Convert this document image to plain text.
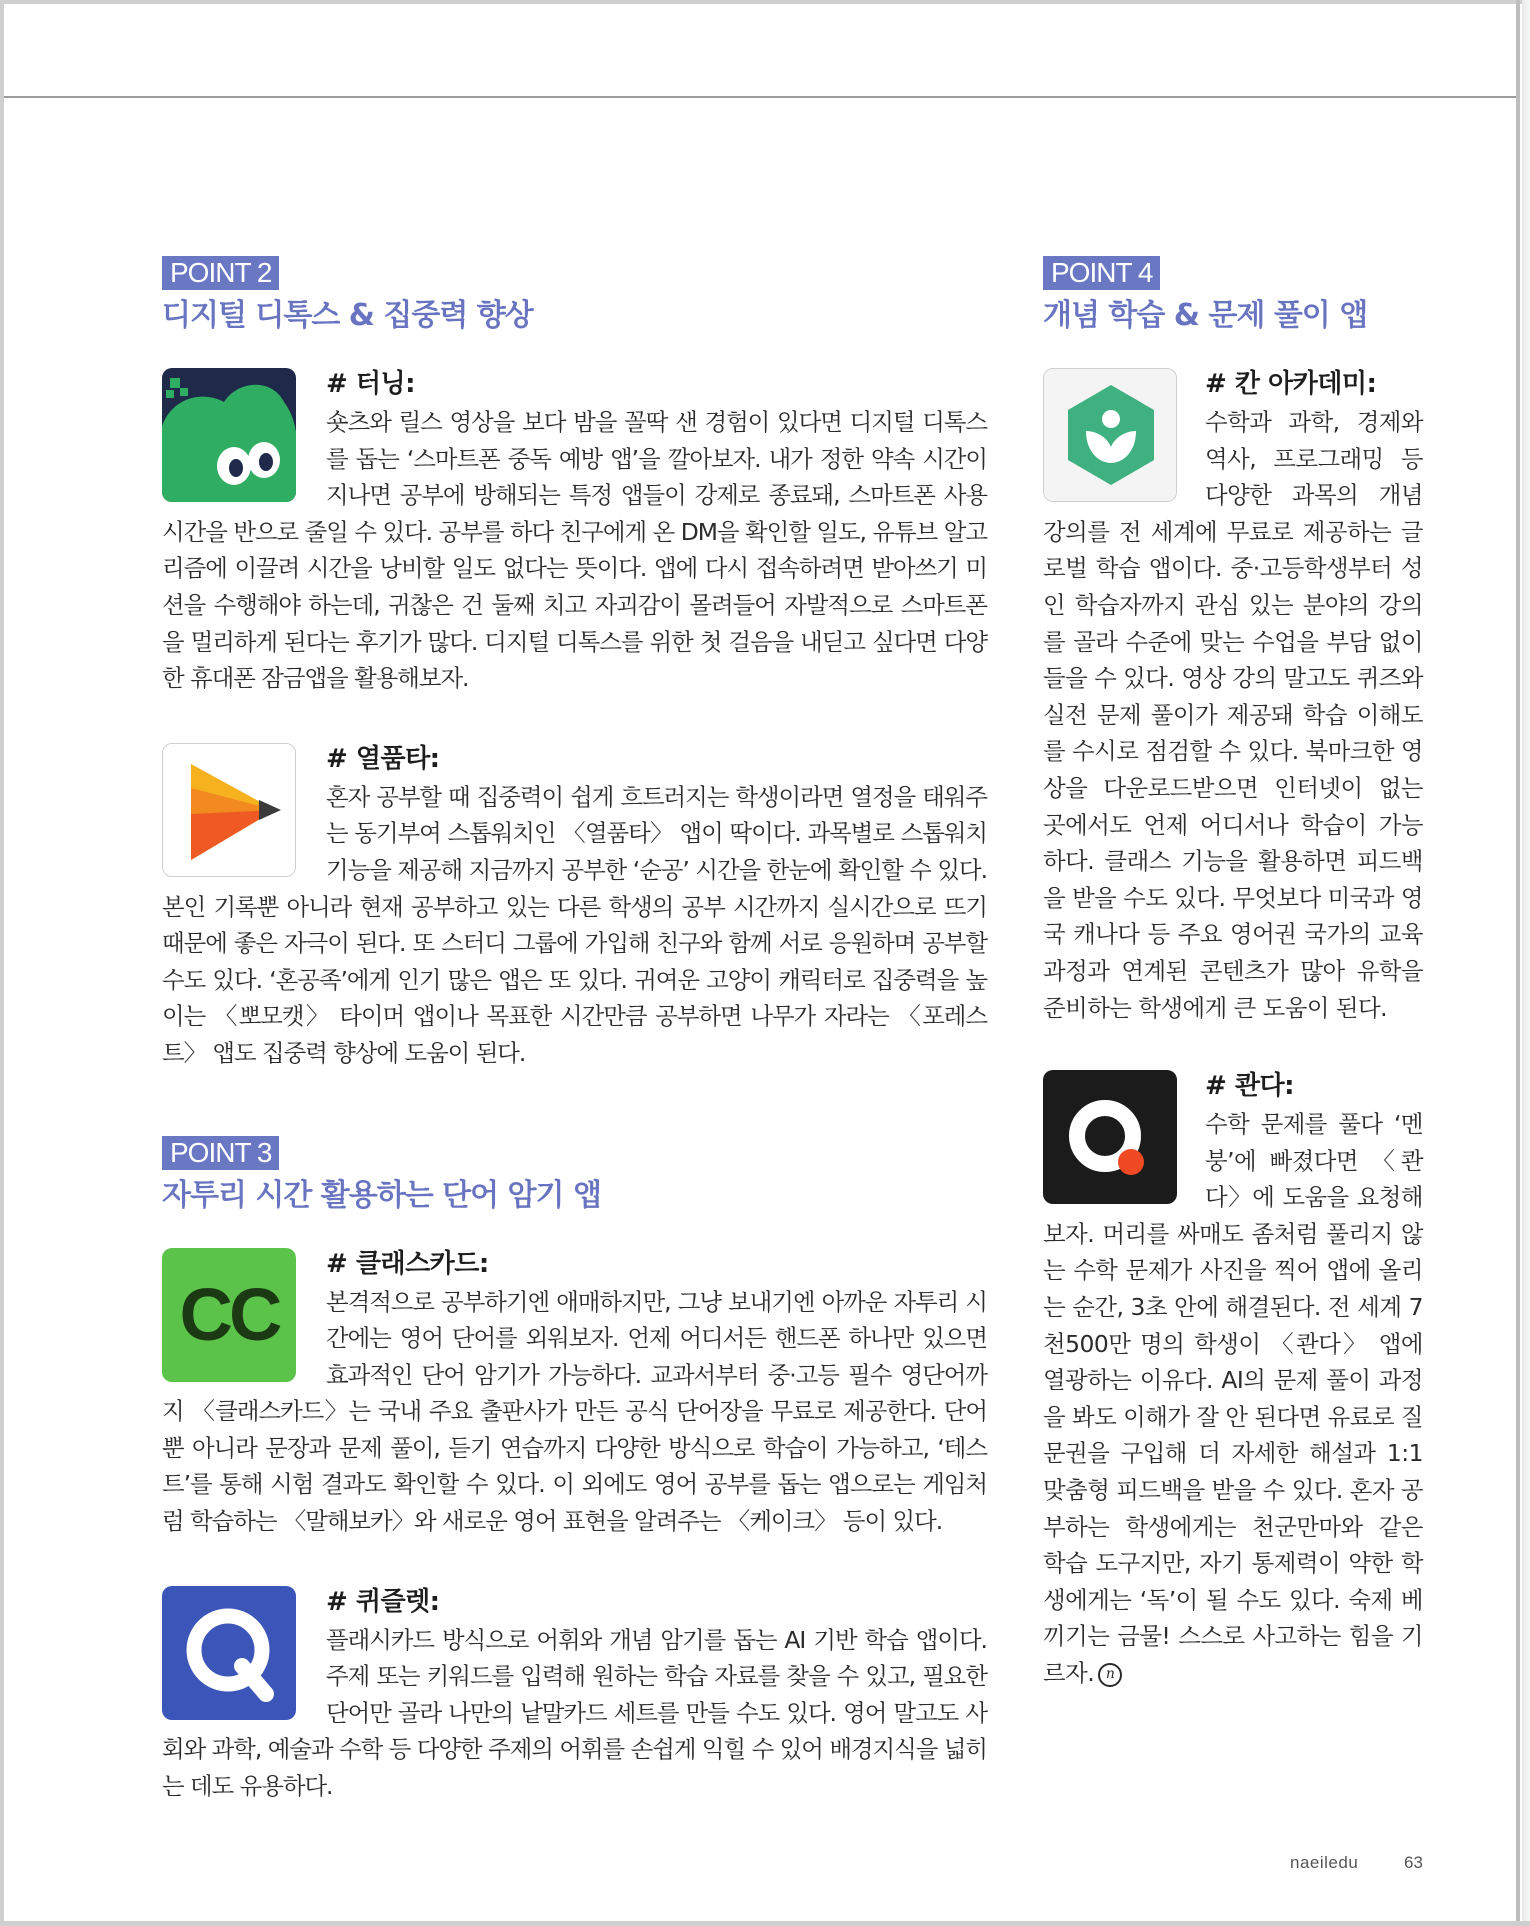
POINT 2
디지털 디톡스 & 집중력 향상
# 터닝:
숏츠와 릴스 영상을 보다 밤을 꼴딱 샌 경험이 있다면 디지털 디톡스를 돕는 ‘스마트폰 중독 예방 앱’을 깔아보자. 내가 정한 약속 시간이 지나면 공부에 방해되는 특정 앱들이 강제로 종료돼, 스마트폰 사용 시간을 반으로 줄일 수 있다. 공부를 하다 친구에게 온 DM을 확인할 일도, 유튜브 알고리즘에 이끌려 시간을 낭비할 일도 없다는 뜻이다. 앱에 다시 접속하려면 받아쓰기 미션을 수행해야 하는데, 귀찮은 건 둘째 치고 자괴감이 몰려들어 자발적으로 스마트폰을 멀리하게 된다는 후기가 많다. 디지털 디톡스를 위한 첫 걸음을 내딛고 싶다면 다양한 휴대폰 잠금앱을 활용해보자.
# 열품타:
혼자 공부할 때 집중력이 쉽게 흐트러지는 학생이라면 열정을 태워주는 동기부여 스톱워치인 〈열품타〉 앱이 딱이다. 과목별로 스톱워치 기능을 제공해 지금까지 공부한 ‘순공’ 시간을 한눈에 확인할 수 있다. 본인 기록뿐 아니라 현재 공부하고 있는 다른 학생의 공부 시간까지 실시간으로 뜨기 때문에 좋은 자극이 된다. 또 스터디 그룹에 가입해 친구와 함께 서로 응원하며 공부할 수도 있다. ‘혼공족’에게 인기 많은 앱은 또 있다. 귀여운 고양이 캐릭터로 집중력을 높이는 〈뽀모캣〉 타이머 앱이나 목표한 시간만큼 공부하면 나무가 자라는 〈포레스트〉 앱도 집중력 향상에 도움이 된다.
POINT 3
자투리 시간 활용하는 단어 암기 앱
CC
# 클래스카드:
본격적으로 공부하기엔 애매하지만, 그냥 보내기엔 아까운 자투리 시간에는 영어 단어를 외워보자. 언제 어디서든 핸드폰 하나만 있으면 효과적인 단어 암기가 가능하다. 교과서부터 중·고등 필수 영단어까지 〈클래스카드〉는 국내 주요 출판사가 만든 공식 단어장을 무료로 제공한다. 단어뿐 아니라 문장과 문제 풀이, 듣기 연습까지 다양한 방식으로 학습이 가능하고, ‘테스트’를 통해 시험 결과도 확인할 수 있다. 이 외에도 영어 공부를 돕는 앱으로는 게임처럼 학습하는 〈말해보카〉와 새로운 영어 표현을 알려주는 〈케이크〉 등이 있다.
# 퀴즐렛:
플래시카드 방식으로 어휘와 개념 암기를 돕는 AI 기반 학습 앱이다. 주제 또는 키워드를 입력해 원하는 학습 자료를 찾을 수 있고, 필요한 단어만 골라 나만의 낱말카드 세트를 만들 수도 있다. 영어 말고도 사회와 과학, 예술과 수학 등 다양한 주제의 어휘를 손쉽게 익힐 수 있어 배경지식을 넓히는 데도 유용하다.
POINT 4
개념 학습 & 문제 풀이 앱
# 칸 아카데미:
수학과 과학, 경제와 역사, 프로그래밍 등 다양한 과목의 개념 강의를 전 세계에 무료로 제공하는 글로벌 학습 앱이다. 중·고등학생부터 성인 학습자까지 관심 있는 분야의 강의를 골라 수준에 맞는 수업을 부담 없이 들을 수 있다. 영상 강의 말고도 퀴즈와 실전 문제 풀이가 제공돼 학습 이해도를 수시로 점검할 수 있다. 북마크한 영상을 다운로드받으면 인터넷이 없는 곳에서도 언제 어디서나 학습이 가능하다. 클래스 기능을 활용하면 피드백을 받을 수도 있다. 무엇보다 미국과 영국 캐나다 등 주요 영어권 국가의 교육과정과 연계된 콘텐츠가 많아 유학을 준비하는 학생에게 큰 도움이 된다.
# 콴다:
수학 문제를 풀다 ‘멘붕’에 빠졌다면 〈콴다〉에 도움을 요청해보자. 머리를 싸매도 좀처럼 풀리지 않는 수학 문제가 사진을 찍어 앱에 올리는 순간, 3초 안에 해결된다. 전 세계 7천500만 명의 학생이 〈콴다〉 앱에 열광하는 이유다. AI의 문제 풀이 과정을 봐도 이해가 잘 안 된다면 유료로 질문권을 구입해 더 자세한 해설과 1:1 맞춤형 피드백을 받을 수 있다. 혼자 공부하는 학생에게는 천군만마와 같은 학습 도구지만, 자기 통제력이 약한 학생에게는 ‘독’이 될 수도 있다. 숙제 베끼기는 금물! 스스로 사고하는 힘을 기르자. n
naeiledu	63
